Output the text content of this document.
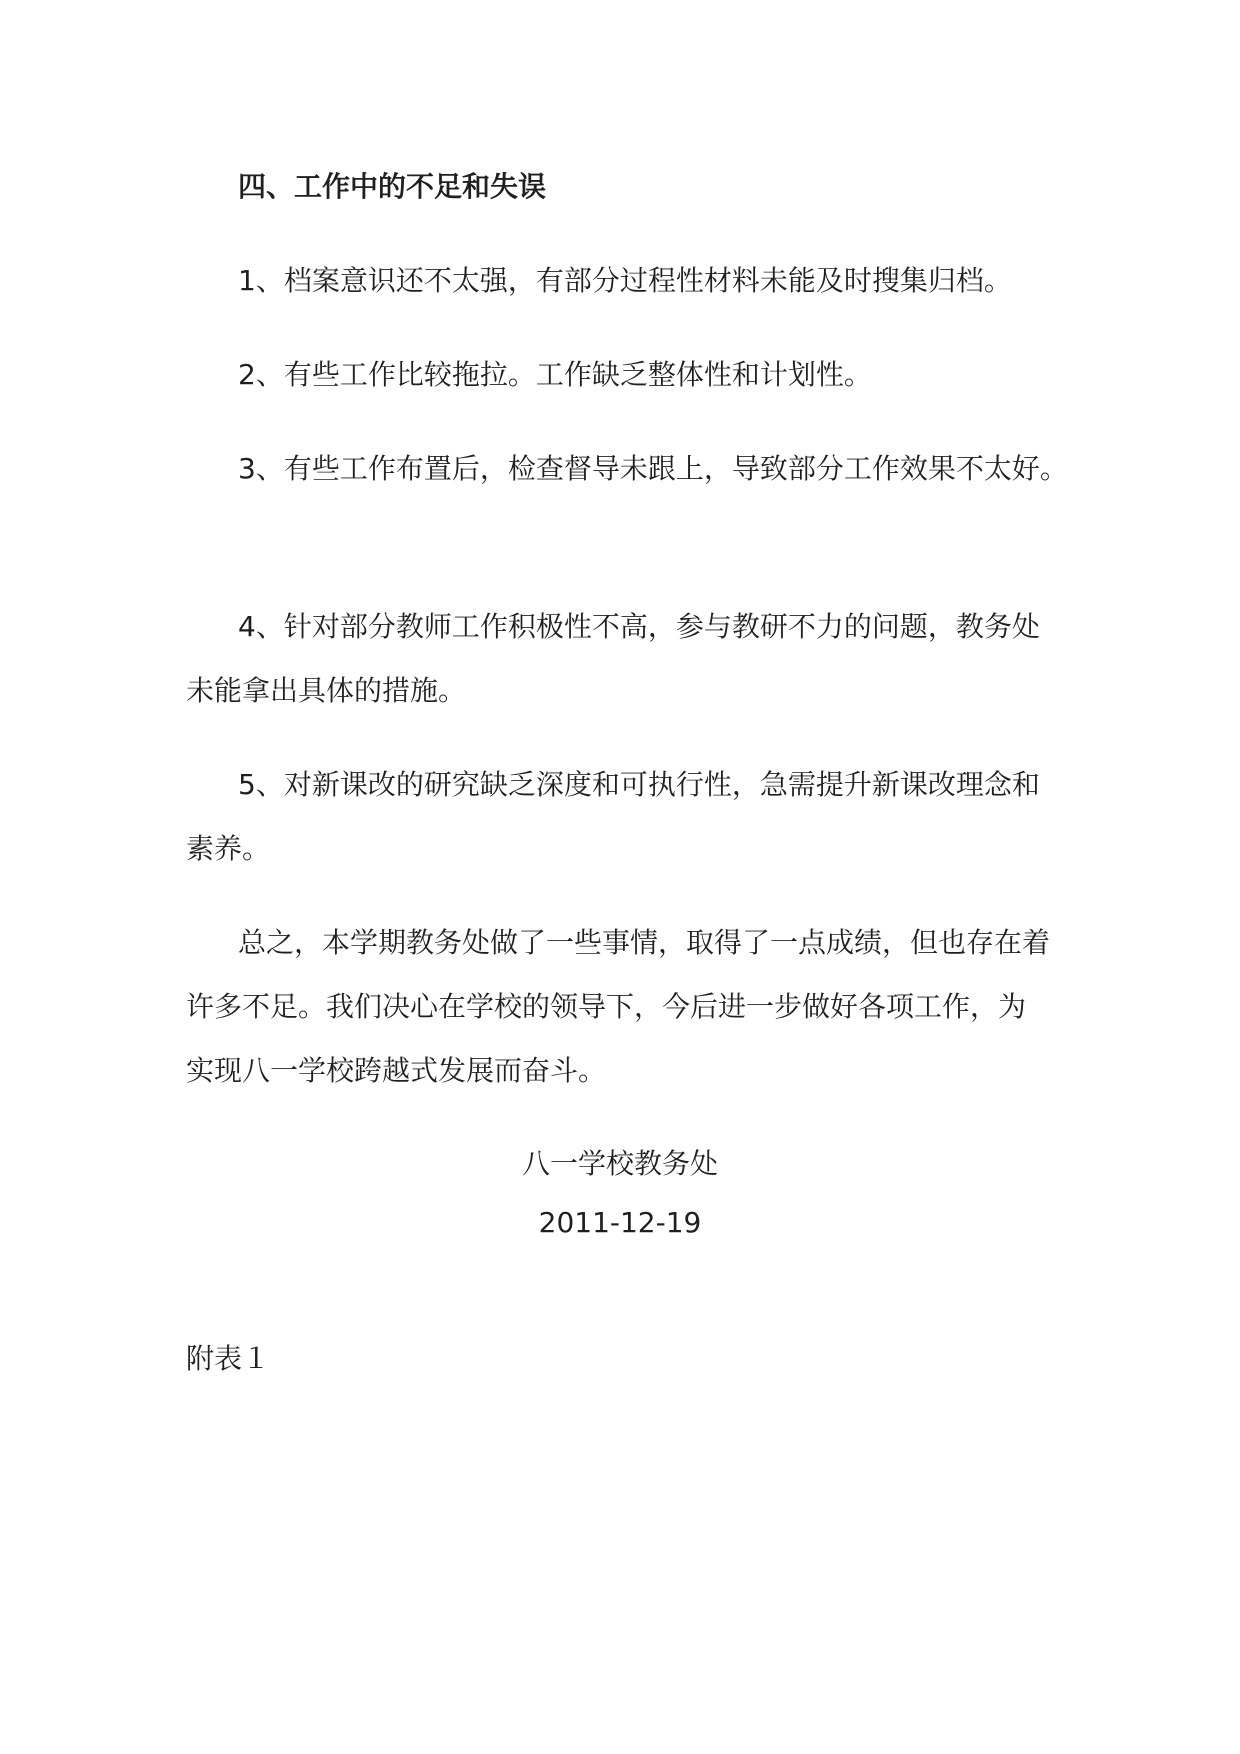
四、工作中的不足和失误
1、档案意识还不太强，有部分过程性材料未能及时搜集归档。
2、有些工作比较拖拉。工作缺乏整体性和计划性。
3、有些工作布置后，检查督导未跟上，导致部分工作效果不太好。
4、针对部分教师工作积极性不高，参与教研不力的问题，教务处
未能拿出具体的措施。
5、对新课改的研究缺乏深度和可执行性，急需提升新课改理念和
素养。
总之，本学期教务处做了一些事情，取得了一点成绩，但也存在着
许多不足。我们决心在学校的领导下，今后进一步做好各项工作，为
实现八一学校跨越式发展而奋斗。
八一学校教务处
2011-12-19
附表１
